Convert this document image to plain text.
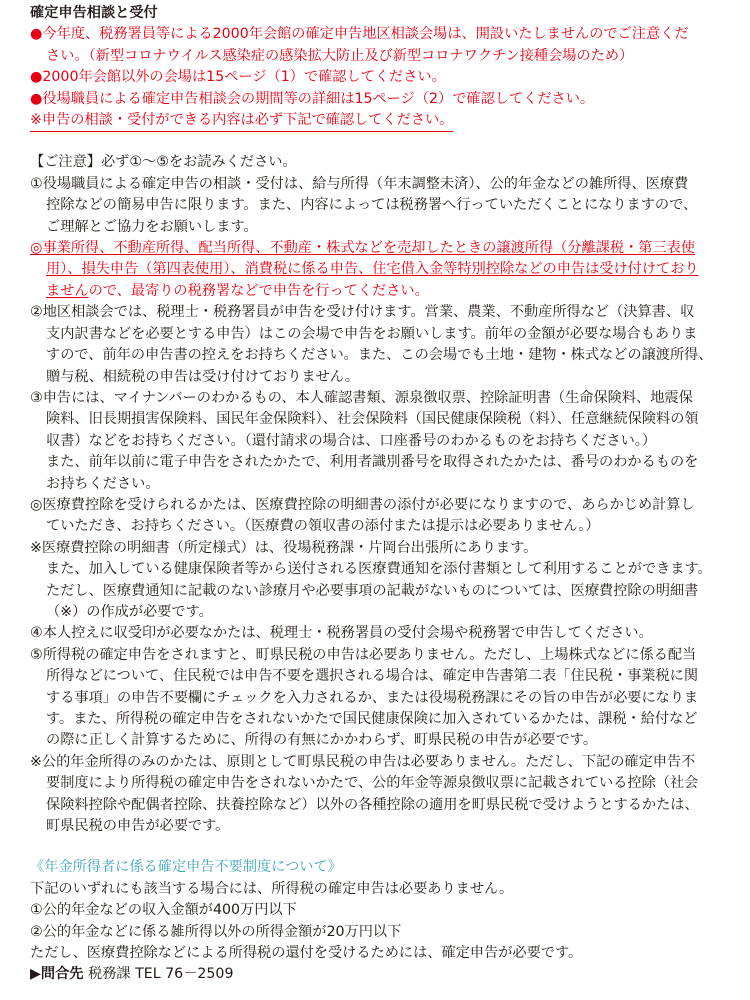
確定申告相談と受付
●今年度、税務署員等による2000年会館の確定申告地区相談会場は、開設いたしませんのでご注意くだ
さい。（新型コロナウイルス感染症の感染拡大防止及び新型コロナワクチン接種会場のため）
●2000年会館以外の会場は15ページ（1）で確認してください。
●役場職員による確定申告相談会の期間等の詳細は15ページ（2）で確認してください。
※申告の相談・受付ができる内容は必ず下記で確認してください。
【ご注意】必ず①～⑤をお読みください。
①役場職員による確定申告の相談・受付は、給与所得（年末調整未済）、公的年金などの雑所得、医療費
控除などの簡易申告に限ります。また、内容によっては税務署へ行っていただくことになりますので、
ご理解とご協力をお願いします。
◎事業所得、不動産所得、配当所得、不動産・株式などを売却したときの譲渡所得（分離課税・第三表使
用）、損失申告（第四表使用）、消費税に係る申告、住宅借入金等特別控除などの申告は受け付けており
ませんので、最寄りの税務署などで申告を行ってください。
②地区相談会では、税理士・税務署員が申告を受け付けます。営業、農業、不動産所得など（決算書、収
支内訳書などを必要とする申告）はこの会場で申告をお願いします。前年の金額が必要な場合もありま
すので、前年の申告書の控えをお持ちください。また、この会場でも土地・建物・株式などの譲渡所得、
贈与税、相続税の申告は受け付けておりません。
③申告には、マイナンバーのわかるもの、本人確認書類、源泉徴収票、控除証明書（生命保険料、地震保
険料、旧長期損害保険料、国民年金保険料）、社会保険料（国民健康保険税（料）、任意継続保険料の領
収書）などをお持ちください。（還付請求の場合は、口座番号のわかるものをお持ちください。）
また、前年以前に電子申告をされたかたで、利用者識別番号を取得されたかたは、番号のわかるものを
お持ちください。
◎医療費控除を受けられるかたは、医療費控除の明細書の添付が必要になりますので、あらかじめ計算し
ていただき、お持ちください。（医療費の領収書の添付または提示は必要ありません。）
※医療費控除の明細書（所定様式）は、役場税務課・片岡台出張所にあります。
また、加入している健康保険者等から送付される医療費通知を添付書類として利用することができます。
ただし、医療費通知に記載のない診療月や必要事項の記載がないものについては、医療費控除の明細書
（※）の作成が必要です。
④本人控えに収受印が必要なかたは、税理士・税務署員の受付会場や税務署で申告してください。
⑤所得税の確定申告をされますと、町県民税の申告は必要ありません。ただし、上場株式などに係る配当
所得などについて、住民税では申告不要を選択される場合は、確定申告書第二表「住民税・事業税に関
する事項」の申告不要欄にチェックを入力されるか、または役場税務課にその旨の申告が必要になりま
す。また、所得税の確定申告をされないかたで国民健康保険に加入されているかたは、課税・給付など
の際に正しく計算するために、所得の有無にかかわらず、町県民税の申告が必要です。
※公的年金所得のみのかたは、原則として町県民税の申告は必要ありません。ただし、下記の確定申告不
要制度により所得税の確定申告をされないかたで、公的年金等源泉徴収票に記載されている控除（社会
保険料控除や配偶者控除、扶養控除など）以外の各種控除の適用を町県民税で受けようとするかたは、
町県民税の申告が必要です。
《年金所得者に係る確定申告不要制度について》
下記のいずれにも該当する場合には、所得税の確定申告は必要ありません。
①公的年金などの収入金額が400万円以下
②公的年金などに係る雑所得以外の所得金額が20万円以下
ただし、医療費控除などによる所得税の還付を受けるためには、確定申告が必要です。
▶問合先 税務課 TEL 76－2509
